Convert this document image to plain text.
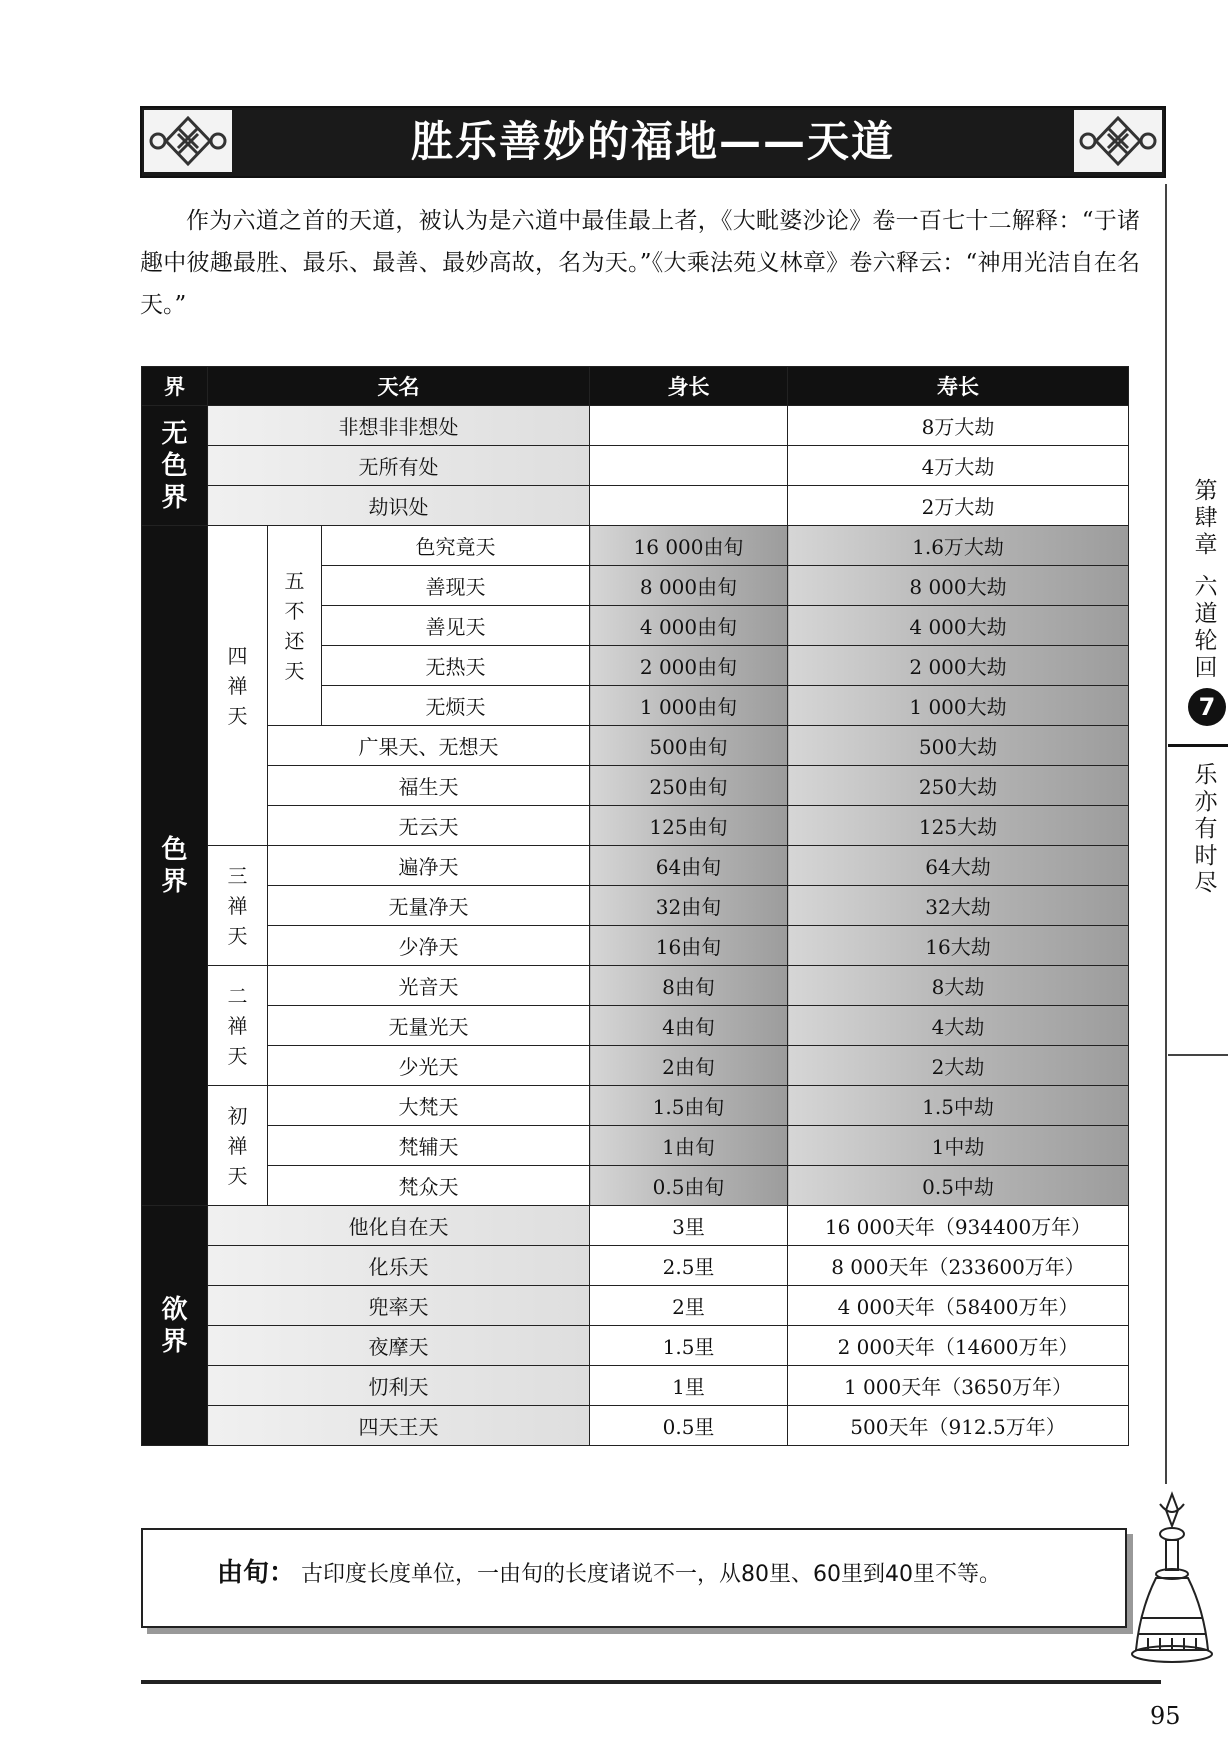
胜乐善妙的福地——天道

作为六道之首的天道，被认为是六道中最佳最上者，《大毗婆沙论》卷一百七十二解释：“于诸趣中彼趣最胜、最乐、最善、最妙高故，名为天。”《大乘法苑义林章》卷六释云：“神用光洁自在名天。”

界	天名			身长	寿长
无色界	非想非非想处				8万大劫
	无所有处				4万大劫
	劫识处				2万大劫
色界	四禅天	五不还天	色究竟天	16 000由旬	1.6万大劫
			善现天	8 000由旬	8 000大劫
			善见天	4 000由旬	4 000大劫
			无热天	2 000由旬	2 000大劫
			无烦天	1 000由旬	1 000大劫
		广果天、无想天		500由旬	500大劫
		福生天		250由旬	250大劫
		无云天		125由旬	125大劫
	三禅天	遍净天		64由旬	64大劫
		无量净天		32由旬	32大劫
		少净天		16由旬	16大劫
	二禅天	光音天		8由旬	8大劫
		无量光天		4由旬	4大劫
		少光天		2由旬	2大劫
	初禅天	大梵天		1.5由旬	1.5中劫
		梵辅天		1由旬	1中劫
		梵众天		0.5由旬	0.5中劫
欲界	他化自在天			3里	16 000天年（934400万年）
	化乐天			2.5里	8 000天年（233600万年）
	兜率天			2里	4 000天年（58400万年）
	夜摩天			1.5里	2 000天年（14600万年）
	忉利天			1里	1 000天年（3650万年）
	四天王天			0.5里	500天年（912.5万年）
由旬： 古印度长度单位，一由旬的长度诸说不一，从80里、60里到40里不等。
第肆章
六道轮回
7
乐亦有时尽
95
